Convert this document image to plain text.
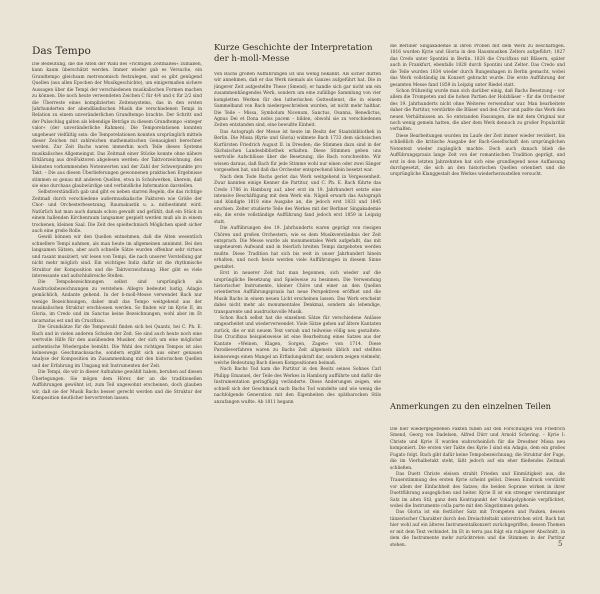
Das Tempo

Die Bedeutung, die die Alten der Wahl des »richtigen Zeitmaßes« zumaßen, kann kaum überschätzt werden. Immer wieder gab es Versuche, ein Grundtempo gleichsam metronomisch festzulegen, und es gibt genügend Quellen (aus allen Epochen der Musikgeschichte), um einigermaßen sichere Aussagen über die Tempi der verschiedenen musikalischen Formen machen zu können. Die noch heute verwendeten Zeichen C für 4/4 und ¢ für 2/2 sind die Überreste eines komplizierten Zeitensystems, das in den ersten Jahrhunderten der abendländischen Musik die verschiedenen Tempi in Relation zu einem unveränderlichen Grundtempo brachte. Der Schritt und der Pulsschlag galten als lebendige Beträge zu diesem Grundtempo »integer valor« (der unveränderliche Rahmen). Die Temporelationen konnten ungeheuer vielfältig sein: die Temporelationen konnten ursprünglich mittels dieser Zeichen mit zahlreichen mathematischen Genauigkeit berechnet werden. Zur Zeit Bachs waren immerhin noch Teile dieses Systems musikalisches Allgemeingut. Das Zeitmaß einer Stücke konnte ohne nähere Erklärung aus dreiFaktoren abgelesen werden: der Taktvorzeichnung, den kleinsten vorkommenden Notenwerten und der Zahl der Schwerpunkte pro Takt. – Die aus diesen Überlieferungen gewonnenen praktischen Ergebnisse stimmen so genau mit anderen Quellen, etwa in Schulwerken, überein, daß sie eine durchaus glaubwürdige und verbindliche Information darstellen.

Selbstverständlich gab und gibt es neben starren Regeln, die das richtige Zeitmaß durch verschiedene außermusikalische Faktoren wie Größe der Chor- und Orchesterbesetzung, Raumakustik u. a. mitbestimmt wird. Natürlich hat man auch damals schon gewußt und gefühlt, daß ein Stück in einem hallenden Kirchenraum langsamer gespielt werden muß als in einem trockenen, kleinen Saal. Die Zeit des spieltechnisch Möglichen spielt sicher auch eine große Rolle.

Gewiß können wir den Quellen entnehmen, daß die Alten wesentlich schnellere Tempi nahmen, als man heute im allgemeinen annimmt. Bei den langsamen Sätzen, aber auch schnelle Sätze wurden offenbar sehr virtuos und rasant musiziert, wir lesen von Tempi, die nach unserer Vorstellung gar nicht mehr möglich sind. Ein wichtiges Indiz dafür ist die rhythmische Struktur der Komposition und die Taktvorzeichnung. Hier gibt es viele interessante und aufschlußreiche Stellen.

Die Tempobezeichnungen selbst sind ursprünglich als Ausdrucksbezeichnungen zu verstehen: Allegro bedeutet lustig, Adagio gemächlich, Andante gehend. In der h-moll-Messe verwendet Bach nur wenige Bezeichnungen, daher muß das Tempo weitgehend aus der musikalischen Struktur erschlossen werden. So finden wir im Kyrie II, im Gloria, im Credo und im Sanctus keine Bezeichnungen, wohl aber im Et incarnatus est und im Crucifixus.

Die Grundsätze für die Tempowahl finden sich bei Quantz, bei C. Ph. E. Bach und in vielen anderen Schulen der Zeit. Sie sind auch heute noch eine wertvolle Hilfe für den ausübenden Musiker, der sich um eine möglichst authentische Wiedergabe bemüht. Die Wahl des richtigen Tempos ist also keineswegs Geschmackssache, sondern ergibt sich aus einer genauen Analyse der Komposition im Zusammenhang mit den historischen Quellen und der Erfahrung im Umgang mit Instrumenten der Zeit.

Die Tempi, die wir in dieser Aufnahme gewählt haben, beruhen auf diesen Überlegungen. Sie mögen dem Hörer, der an die traditionellen Aufführungen gewöhnt ist, zum Teil ungewohnt erscheinen, doch glauben wir, daß sie der Musik Bachs besser gerecht werden und die Struktur der Komposition deutlicher hervortreten lassen.

Kurze Geschichte der Interpretation der h-moll-Messe

Von Bachs großen Aufführungen ist uns wenig bekannt. Als sicher dürfen wir annehmen, daß er das Werk niemals als Ganzes aufgeführt hat. Die in jüngerer Zeit aufgestellte These (Smend), er handle sich gar nicht um ein zusammenhängendes Werk, sondern um eine zufällige Sammlung von vier kompletten Werken für den lutherischen Gottesdienst, die in einem Sammelband von Bach niedergeschrieben wurden, ist nicht mehr haltbar. Die Teile – Missa, Symbolum Nicenum, Sanctus, Osanna, Benedictus, Agnus Dei et Dona nobis pacem – bilden, obwohl sie zu verschiedenen Zeiten entstanden sind, eine bewußte Einheit.

Das Autograph der Messe ist heute im Besitz der Staatsbibliothek in Berlin. Die Missa (Kyrie und Gloria) widmete Bach 1733 dem sächsischen Kurfürsten Friedrich August II. in Dresden; die Stimmen dazu sind in der Sächsischen Landesbibliothek erhalten. Diese Stimmen geben uns wertvolle Aufschlüsse über die Besetzung, die Bach vorschwebte. Wir wissen daraus, daß Bach für jede Stimme wohl nur einen oder zwei Sänger vorgesehen hat, und daß das Orchester entsprechend klein besetzt war.

Nach dem Tode Bachs geriet das Werk weitgehend in Vergessenheit. Zwar kannten einige Kenner die Partitur, und C. Ph. E. Bach führte das Credo 1786 in Hamburg auf, aber erst im 19. Jahrhundert setzte eine intensive Beschäftigung mit dem Werk ein. Nägeli erwarb das Autograph und kündigte 1818 eine Ausgabe an, die jedoch erst 1833 und 1845 erschien. Zelter studierte Teile des Werkes mit der Berliner Singakademie ein; die erste vollständige Aufführung fand jedoch erst 1859 in Leipzig statt.

Die Aufführungen des 19. Jahrhunderts waren geprägt von riesigen Chören und großen Orchestern, wie es dem Musikverständnis der Zeit entsprach. Die Messe wurde als monumentales Werk aufgefaßt, das mit ungeheurem Aufwand und in feierlich breiten Tempi dargeboten werden mußte. Diese Tradition hat sich bis weit in unser Jahrhundert hinein erhalten, und noch heute werden viele Aufführungen in diesem Sinne gestaltet.

Erst in neuerer Zeit hat man begonnen, sich wieder auf die ursprüngliche Besetzung und Spielweise zu besinnen. Die Verwendung historischer Instrumente, kleiner Chöre und einer an den Quellen orientierten Aufführungspraxis hat neue Perspektiven eröffnet und die Musik Bachs in einem neuen Licht erscheinen lassen. Das Werk erscheint dabei nicht mehr als monumentales Denkmal, sondern als lebendige, transparente und ausdrucksvolle Musik.

Schon Bach selbst hat die einzelnen Sätze für verschiedene Anlässe umgearbeitet und wiederverwendet. Viele Sätze gehen auf ältere Kantaten zurück, die er mit neuem Text versah und teilweise völlig neu gestaltete. Das Crucifixus beispielsweise ist eine Bearbeitung eines Satzes aus der Kantate »Weinen, Klagen, Sorgen, Zagen« von 1714. Diese Parodieverfahren waren zu Bachs Zeit allgemein üblich und stellten keineswegs einen Mangel an Erfindungskraft dar, sondern zeigen vielmehr, welche Bedeutung Bach diesen Kompositionen beimaß.

Nach Bachs Tod kam die Partitur in den Besitz seines Sohnes Carl Philipp Emanuel, der Teile des Werkes in Hamburg aufführte und dafür die Instrumentation geringfügig veränderte. Diese Änderungen zeigen, wie schnell sich der Geschmack nach Bachs Tod wandelte und wie wenig die nachfolgende Generation mit den Eigenheiten des spätbarocken Stils anzufangen wußte. Ab 1811 begann

die Berliner Singakademie in ihren Proben mit dem Werk zu beschäftigen. 1816 wurden Kyrie und Gloria in den Hausmusiken Zelters aufgeführt; 1827 das Credo unter Spontini in Berlin. 1828 die Crucifixus mit Bläsern, später auch in Frankfurt, ebenfalls 1828 durch Spontini und Zelter. Das Credo und die Teile wurden 1834 wieder durch Rungenhagen in Berlin gemacht, wobei das Werk vollständig im Konzert gebracht wurde. Die erste Aufführung der gesamten Messe fand 1859 in Leipzig unter Riedel statt.

Schon frühzeitig wurde man sich darüber einig, daß Bachs Besetzung – vor allem die Trompeten und die hohen Partien der Holzbläser – für die Orchester des 19. Jahrhunderts nicht ohne Weiteres verwendbar war. Man bearbeitete daher die Partitur, verstärkte die Bläser und den Chor und paßte das Werk den neuen Verhältnissen an. So entstanden Fassungen, die mit dem Original nur noch wenig gemein hatten, die aber dem Werk dennoch zu großer Popularität verhalfen.

Diese Bearbeitungen wurden im Laufe der Zeit immer wieder revidiert, bis schließlich die kritische Ausgabe der Bach-Gesellschaft den ursprünglichen Notentext wieder zugänglich machte. Doch auch danach blieb die Aufführungspraxis lange Zeit von der romantischen Tradition geprägt, und erst in den letzten Jahrzehnten hat sich eine grundlegend neue Auffassung durchgesetzt, die sich an den historischen Quellen orientiert und die ursprüngliche Klanggestalt des Werkes wiederherzustellen versucht.

Anmerkungen zu den einzelnen Teilen

Die hier wiedergegebenen Fakten fußen auf den Forschungen von Friedrich Smend, Georg von Dadelsen, Alfred Dürr und Arnold Schering. – Kyrie I: Christe und Kyrie II wurden wahrscheinlich für die Dresdner Missa neu komponiert. Die ersten vier Takte des Kyrie I sind ein Adagio, dem ein großes Fugato folgt. Bach gibt dafür keine Tempobezeichnung; die Struktur der Fuge, die im Vierhalbetakt steht, läßt jedoch auf ein eher fließendes Zeitmaß schließen.

Das Duett Christe eleison strahlt Frieden und Einmütigkeit aus, die Trauerstimmung des ersten Kyrie scheint gelöst. Diesen Eindruck verstärkt vor allem der Einfachheit des Satzes; die beiden Soprane wirken in ihrer Duettführung ausgeglichen und heiter. Kyrie II ist ein strenger vierstimmiger Satz im alten Stil, ganz dem Kontrapunkt der Vokalpolyphonie verpflichtet, wobei die Instrumente colla parte mit den Singstimmen gehen.

Das Gloria ist ein festlicher Satz mit Trompeten und Pauken, dessen tänzerischer Charakter durch den Dreiachteltakt unterstrichen wird. Bach hat hier wohl auf ein älteres Instrumentalkonzert zurückgegriffen, dessen Themen er mit dem Text verbindet. Im Et in terra pax folgt ein ruhigerer Abschnitt, in dem die Instrumente mehr zurücktreten und die Stimmen in der Partitur stehen.	5
